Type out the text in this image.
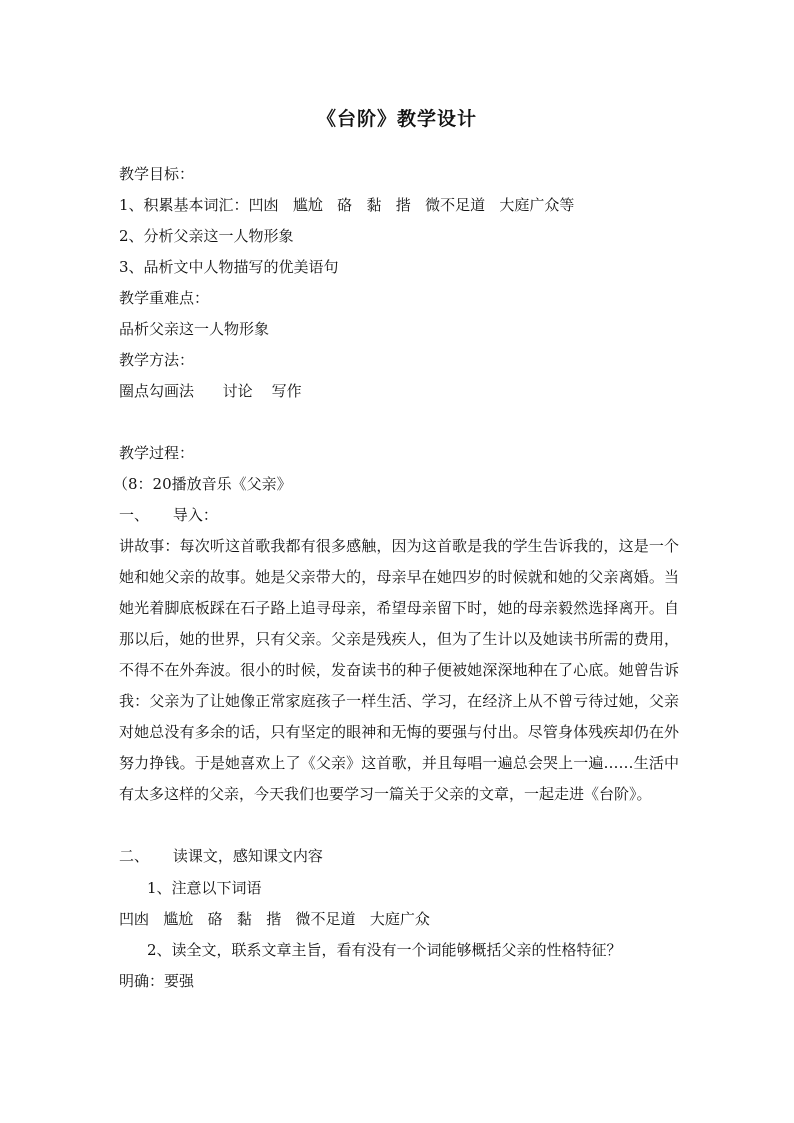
《台阶》教学设计
教学目标：
1、积累基本词汇：凹凼   尴尬   硌   黏   揩   微不足道   大庭广众等
2、分析父亲这一人物形象
3、品析文中人物描写的优美语句
教学重难点：
品析父亲这一人物形象
教学方法：
圈点勾画法      讨论    写作
教学过程：
（8：20播放音乐《父亲》
一、     导入：
讲故事：每次听这首歌我都有很多感触，因为这首歌是我的学生告诉我的，这是一个她和她父亲的故事。她是父亲带大的，母亲早在她四岁的时候就和她的父亲离婚。当她光着脚底板踩在石子路上追寻母亲，希望母亲留下时，她的母亲毅然选择离开。自那以后，她的世界，只有父亲。父亲是残疾人，但为了生计以及她读书所需的费用，不得不在外奔波。很小的时候，发奋读书的种子便被她深深地种在了心底。她曾告诉我：父亲为了让她像正常家庭孩子一样生活、学习，在经济上从不曾亏待过她，父亲对她总没有多余的话，只有坚定的眼神和无悔的要强与付出。尽管身体残疾却仍在外努力挣钱。于是她喜欢上了《父亲》这首歌，并且每唱一遍总会哭上一遍……生活中有太多这样的父亲，今天我们也要学习一篇关于父亲的文章，一起走进《台阶》。
二、     读课文，感知课文内容
1、注意以下词语
凹凼   尴尬   硌   黏   揩   微不足道   大庭广众
2、读全文，联系文章主旨，看有没有一个词能够概括父亲的性格特征？
明确：要强
